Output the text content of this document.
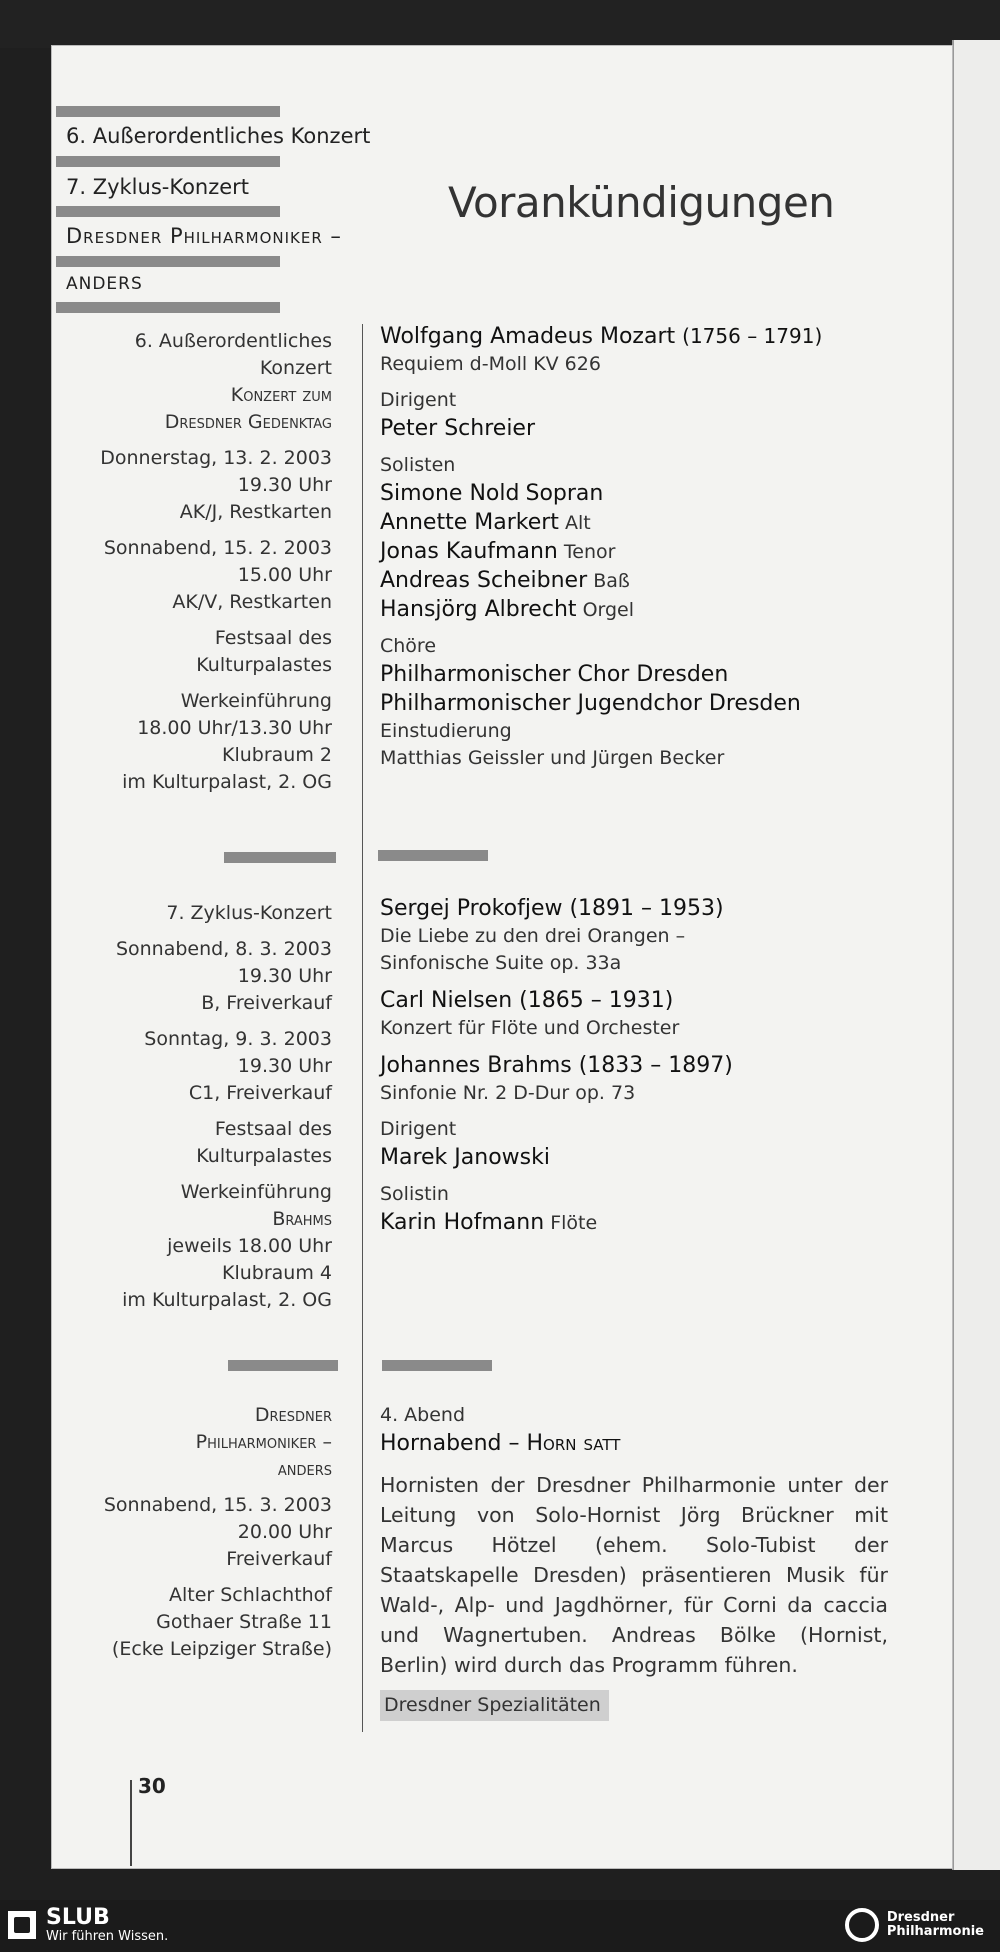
6. Außerordentliches Konzert
7. Zyklus-Konzert
Dresdner Philharmoniker –
ANDERS
Vorankündigungen
6. Außerordentliches
Konzert
Konzert zum
Dresdner Gedenktag
Donnerstag, 13. 2. 2003
19.30 Uhr
AK/J, Restkarten
Sonnabend, 15. 2. 2003
15.00 Uhr
AK/V, Restkarten
Festsaal des
Kulturpalastes
Werkeinführung
18.00 Uhr/13.30 Uhr
Klubraum 2
im Kulturpalast, 2. OG
7. Zyklus-Konzert
Sonnabend, 8. 3. 2003
19.30 Uhr
B, Freiverkauf
Sonntag, 9. 3. 2003
19.30 Uhr
C1, Freiverkauf
Festsaal des
Kulturpalastes
Werkeinführung
Brahms
jeweils 18.00 Uhr
Klubraum 4
im Kulturpalast, 2. OG
Dresdner
Philharmoniker –
anders
Sonnabend, 15. 3. 2003
20.00 Uhr
Freiverkauf
Alter Schlachthof
Gothaer Straße 11
(Ecke Leipziger Straße)
Wolfgang Amadeus Mozart (1756 – 1791)
Requiem d-Moll KV 626
Dirigent
Peter Schreier
Solisten
Simone Nold Sopran
Annette Markert Alt
Jonas Kaufmann Tenor
Andreas Scheibner Baß
Hansjörg Albrecht Orgel
Chöre
Philharmonischer Chor Dresden
Philharmonischer Jugendchor Dresden
Einstudierung
Matthias Geissler und Jürgen Becker
Sergej Prokofjew (1891 – 1953)
Die Liebe zu den drei Orangen –
Sinfonische Suite op. 33a
Carl Nielsen (1865 – 1931)
Konzert für Flöte und Orchester
Johannes Brahms (1833 – 1897)
Sinfonie Nr. 2 D-Dur op. 73
Dirigent
Marek Janowski
Solistin
Karin Hofmann Flöte
4. Abend
Hornabend – Horn satt
Hornisten der Dresdner Philharmonie unter der Leitung von Solo-Hornist Jörg Brückner mit Marcus Hötzel (ehem. Solo-Tubist der Staatskapelle Dresden) präsentieren Musik für Wald-, Alp- und Jagdhörner, für Corni da caccia und Wagnertuben. Andreas Bölke (Hornist, Berlin) wird durch das Programm führen.
Dresdner Spezialitäten
30
SLUB
Wir führen Wissen.
Dresdner
Philharmonie
